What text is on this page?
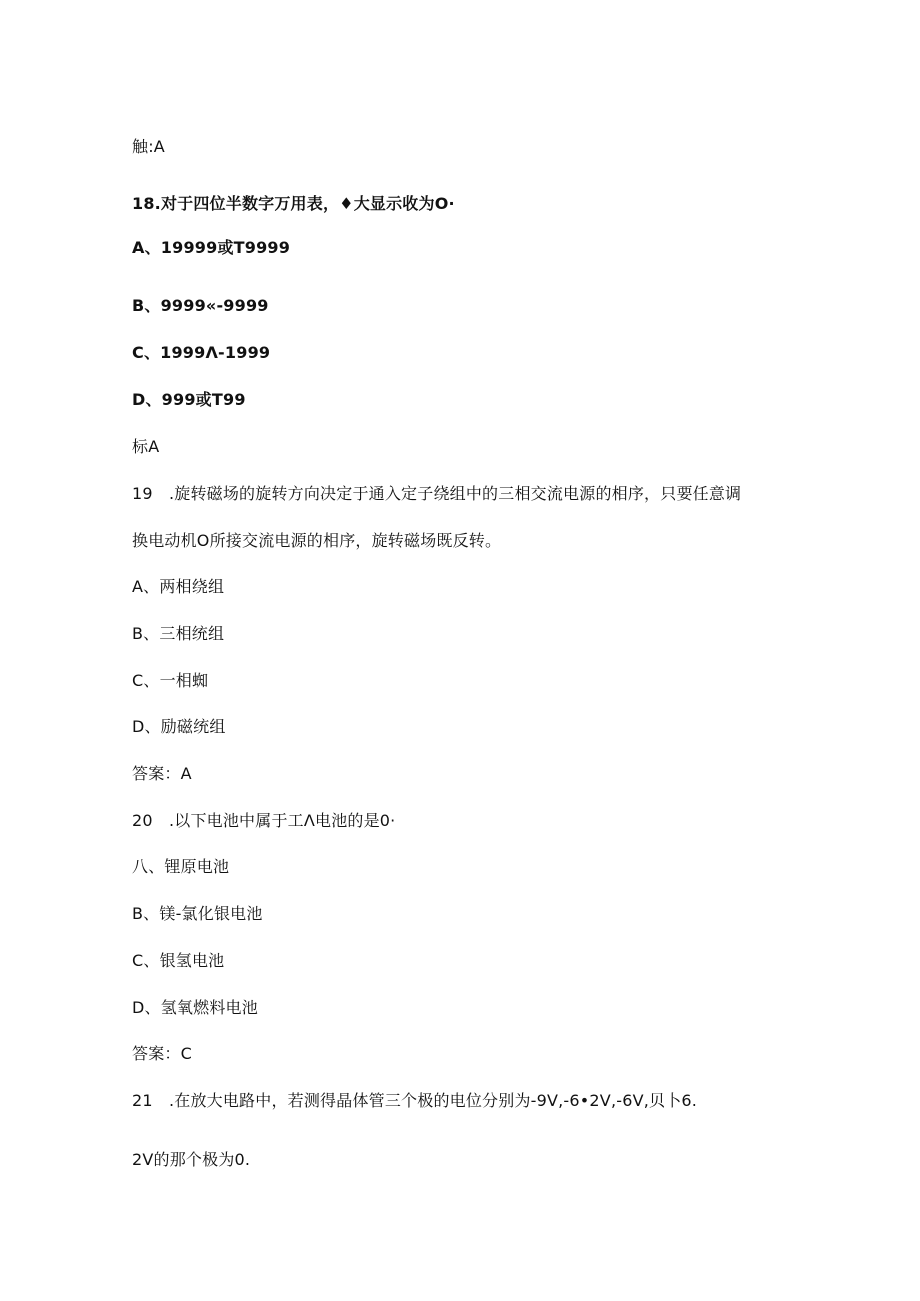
触:A
18.对于四位半数字万用表，♦大显示收为O·
A、19999或T9999
B、9999«-9999
C、1999Λ-1999
D、999或T99
标A
19　.旋转磁场的旋转方向决定于通入定子绕组中的三相交流电源的相序，只要任意调
换电动机O所接交流电源的相序，旋转磁场既反转。
A、两相绕组
B、三相统组
C、一相蜘
D、励磁统组
答案：A
20　.以下电池中属于工Λ电池的是0·
八、锂原电池
B、镁-氯化银电池
C、银氢电池
D、氢氧燃料电池
答案：C
21　.在放大电路中，若测得晶体管三个极的电位分别为-9V,-6•2V,-6V,贝卜6.
2V的那个极为0.
